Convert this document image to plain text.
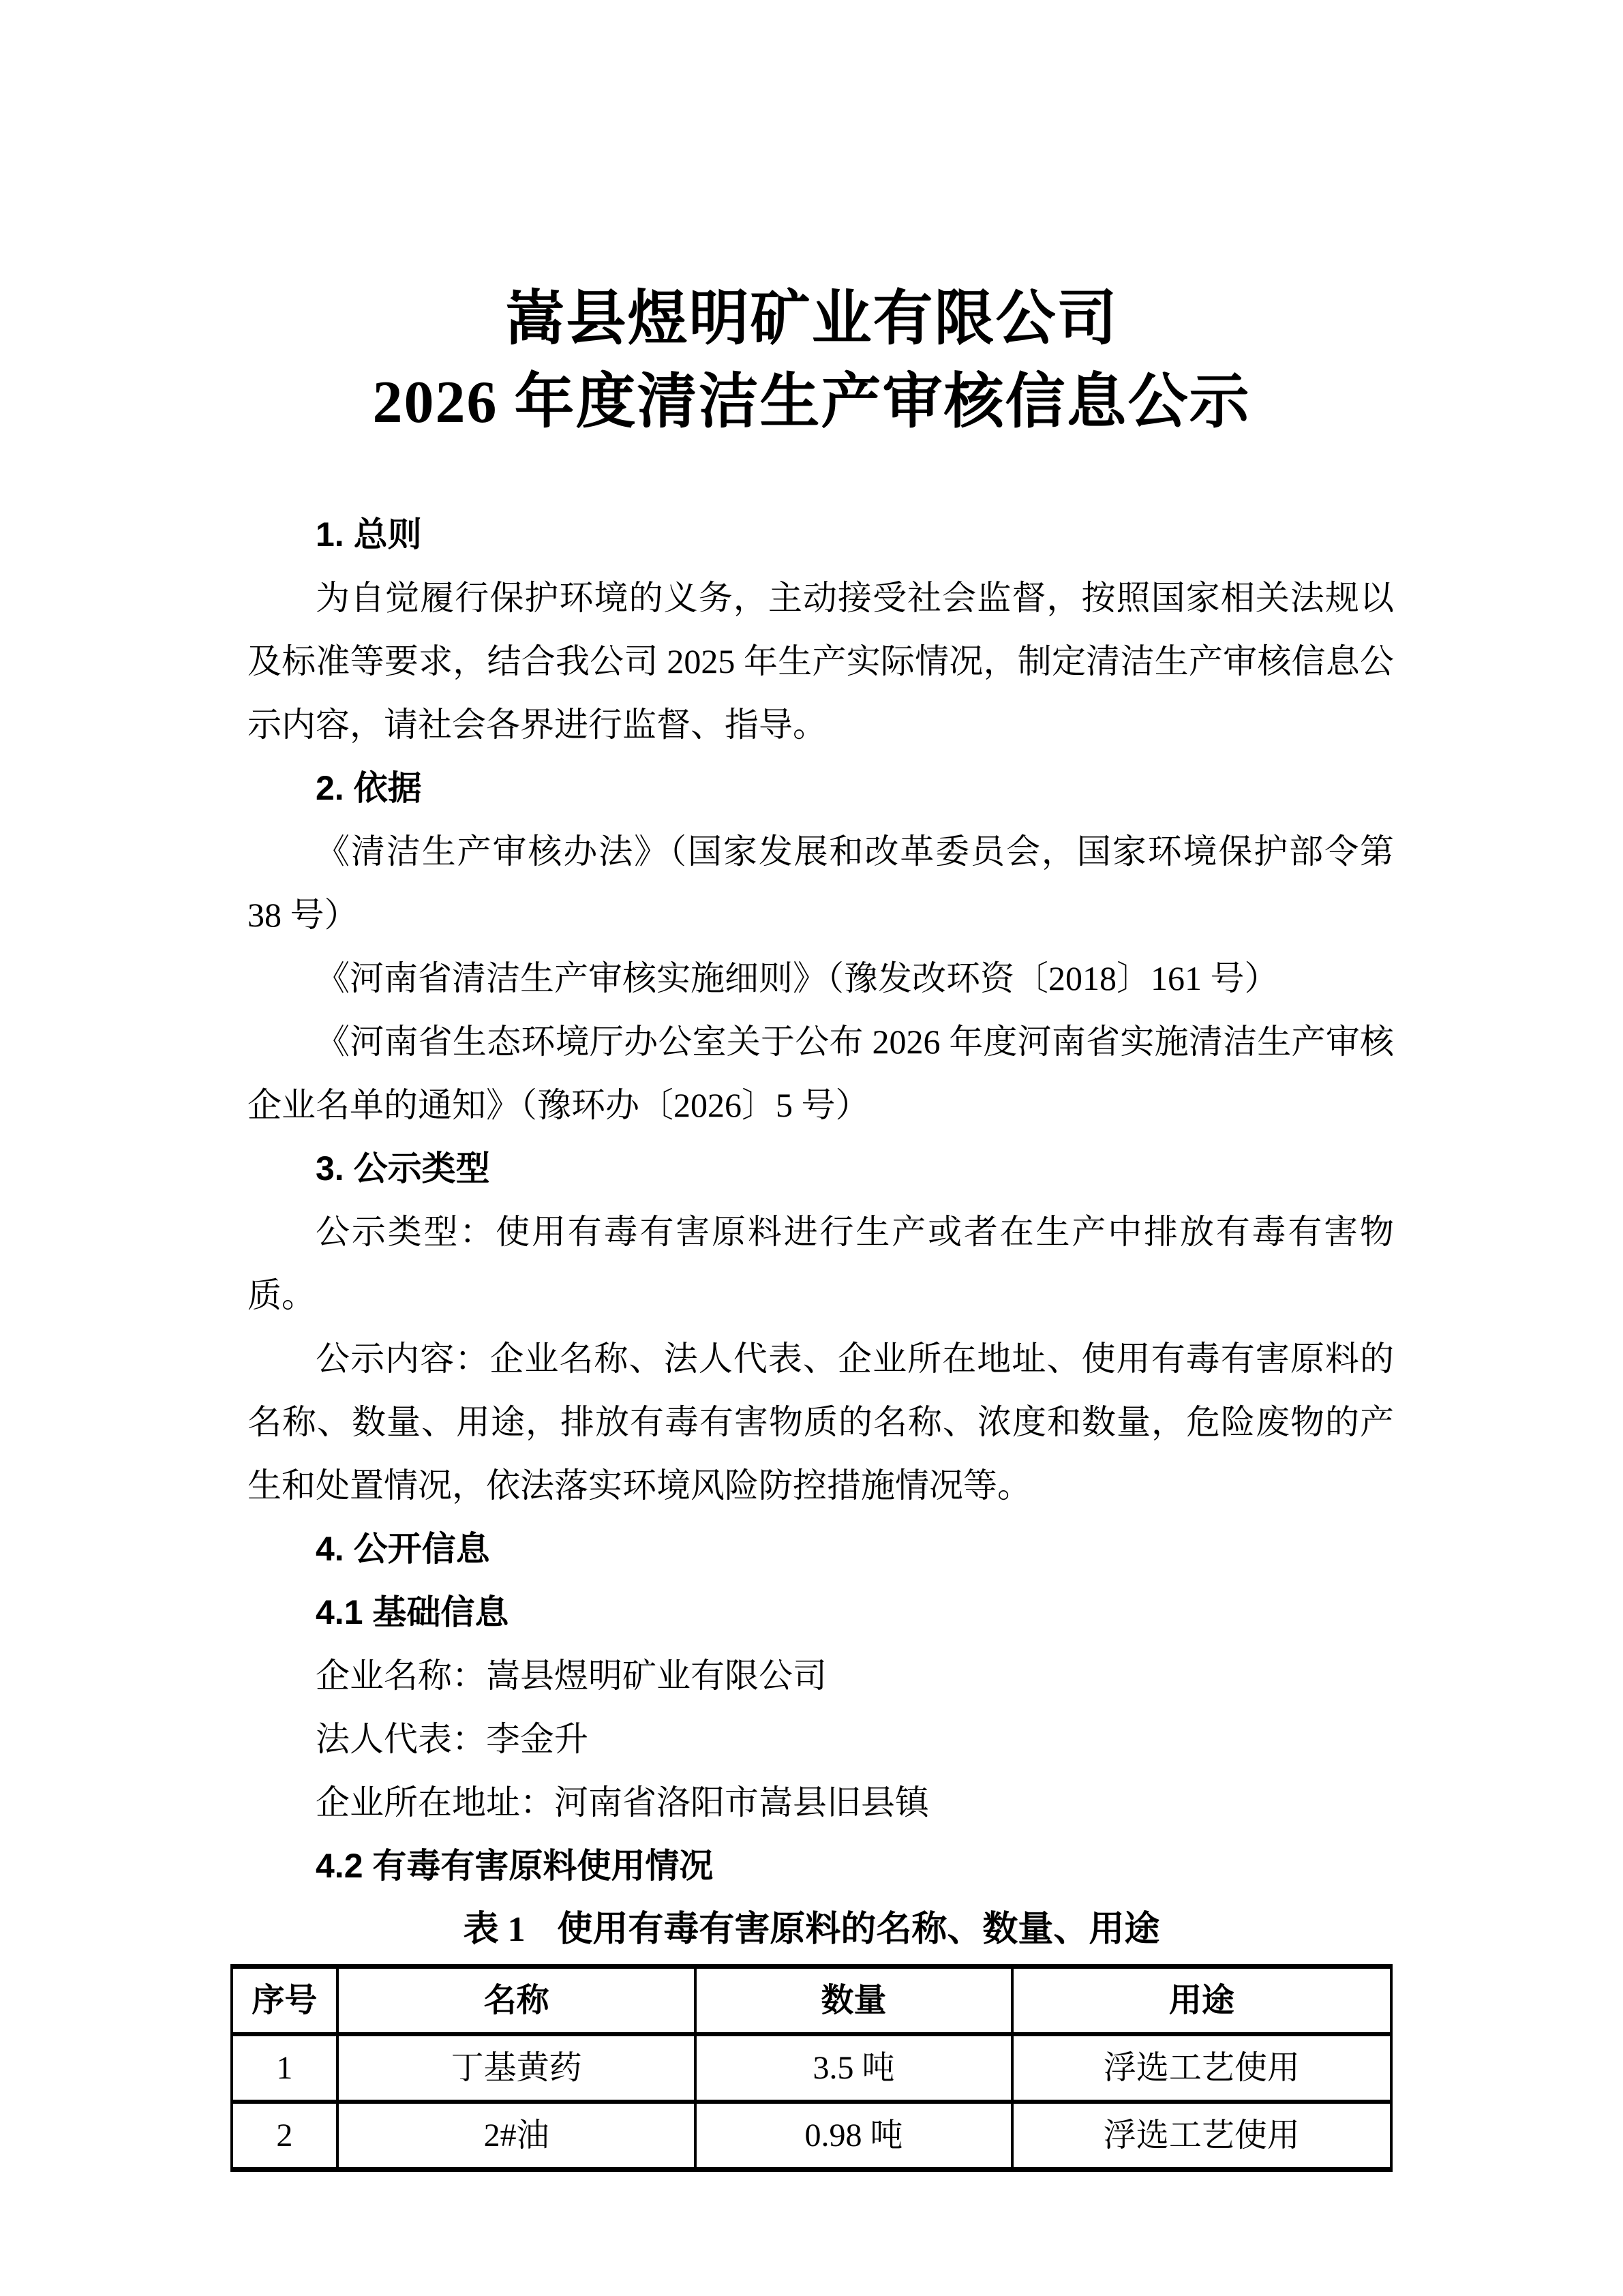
嵩县煜明矿业有限公司
2026 年度清洁生产审核信息公示

1. 总则

为自觉履行保护环境的义务，主动接受社会监督，按照国家相关法规以及标准等要求，结合我公司 2025 年生产实际情况，制定清洁生产审核信息公示内容，请社会各界进行监督、指导。

2. 依据

《清洁生产审核办法》（国家发展和改革委员会，国家环境保护部令第 38 号）

《河南省清洁生产审核实施细则》（豫发改环资〔2018〕161 号）

《河南省生态环境厅办公室关于公布 2026 年度河南省实施清洁生产审核企业名单的通知》（豫环办〔2026〕5 号）

3. 公示类型

公示类型：使用有毒有害原料进行生产或者在生产中排放有毒有害物质。

公示内容：企业名称、法人代表、企业所在地址、使用有毒有害原料的名称、数量、用途，排放有毒有害物质的名称、浓度和数量，危险废物的产生和处置情况，依法落实环境风险防控措施情况等。

4. 公开信息

4.1 基础信息

企业名称：嵩县煜明矿业有限公司

法人代表：李金升

企业所在地址：河南省洛阳市嵩县旧县镇

4.2 有毒有害原料使用情况

表 1 使用有毒有害原料的名称、数量、用途
序号	名称	数量	用途
1	丁基黄药	3.5 吨	浮选工艺使用
2	2#油	0.98 吨	浮选工艺使用
